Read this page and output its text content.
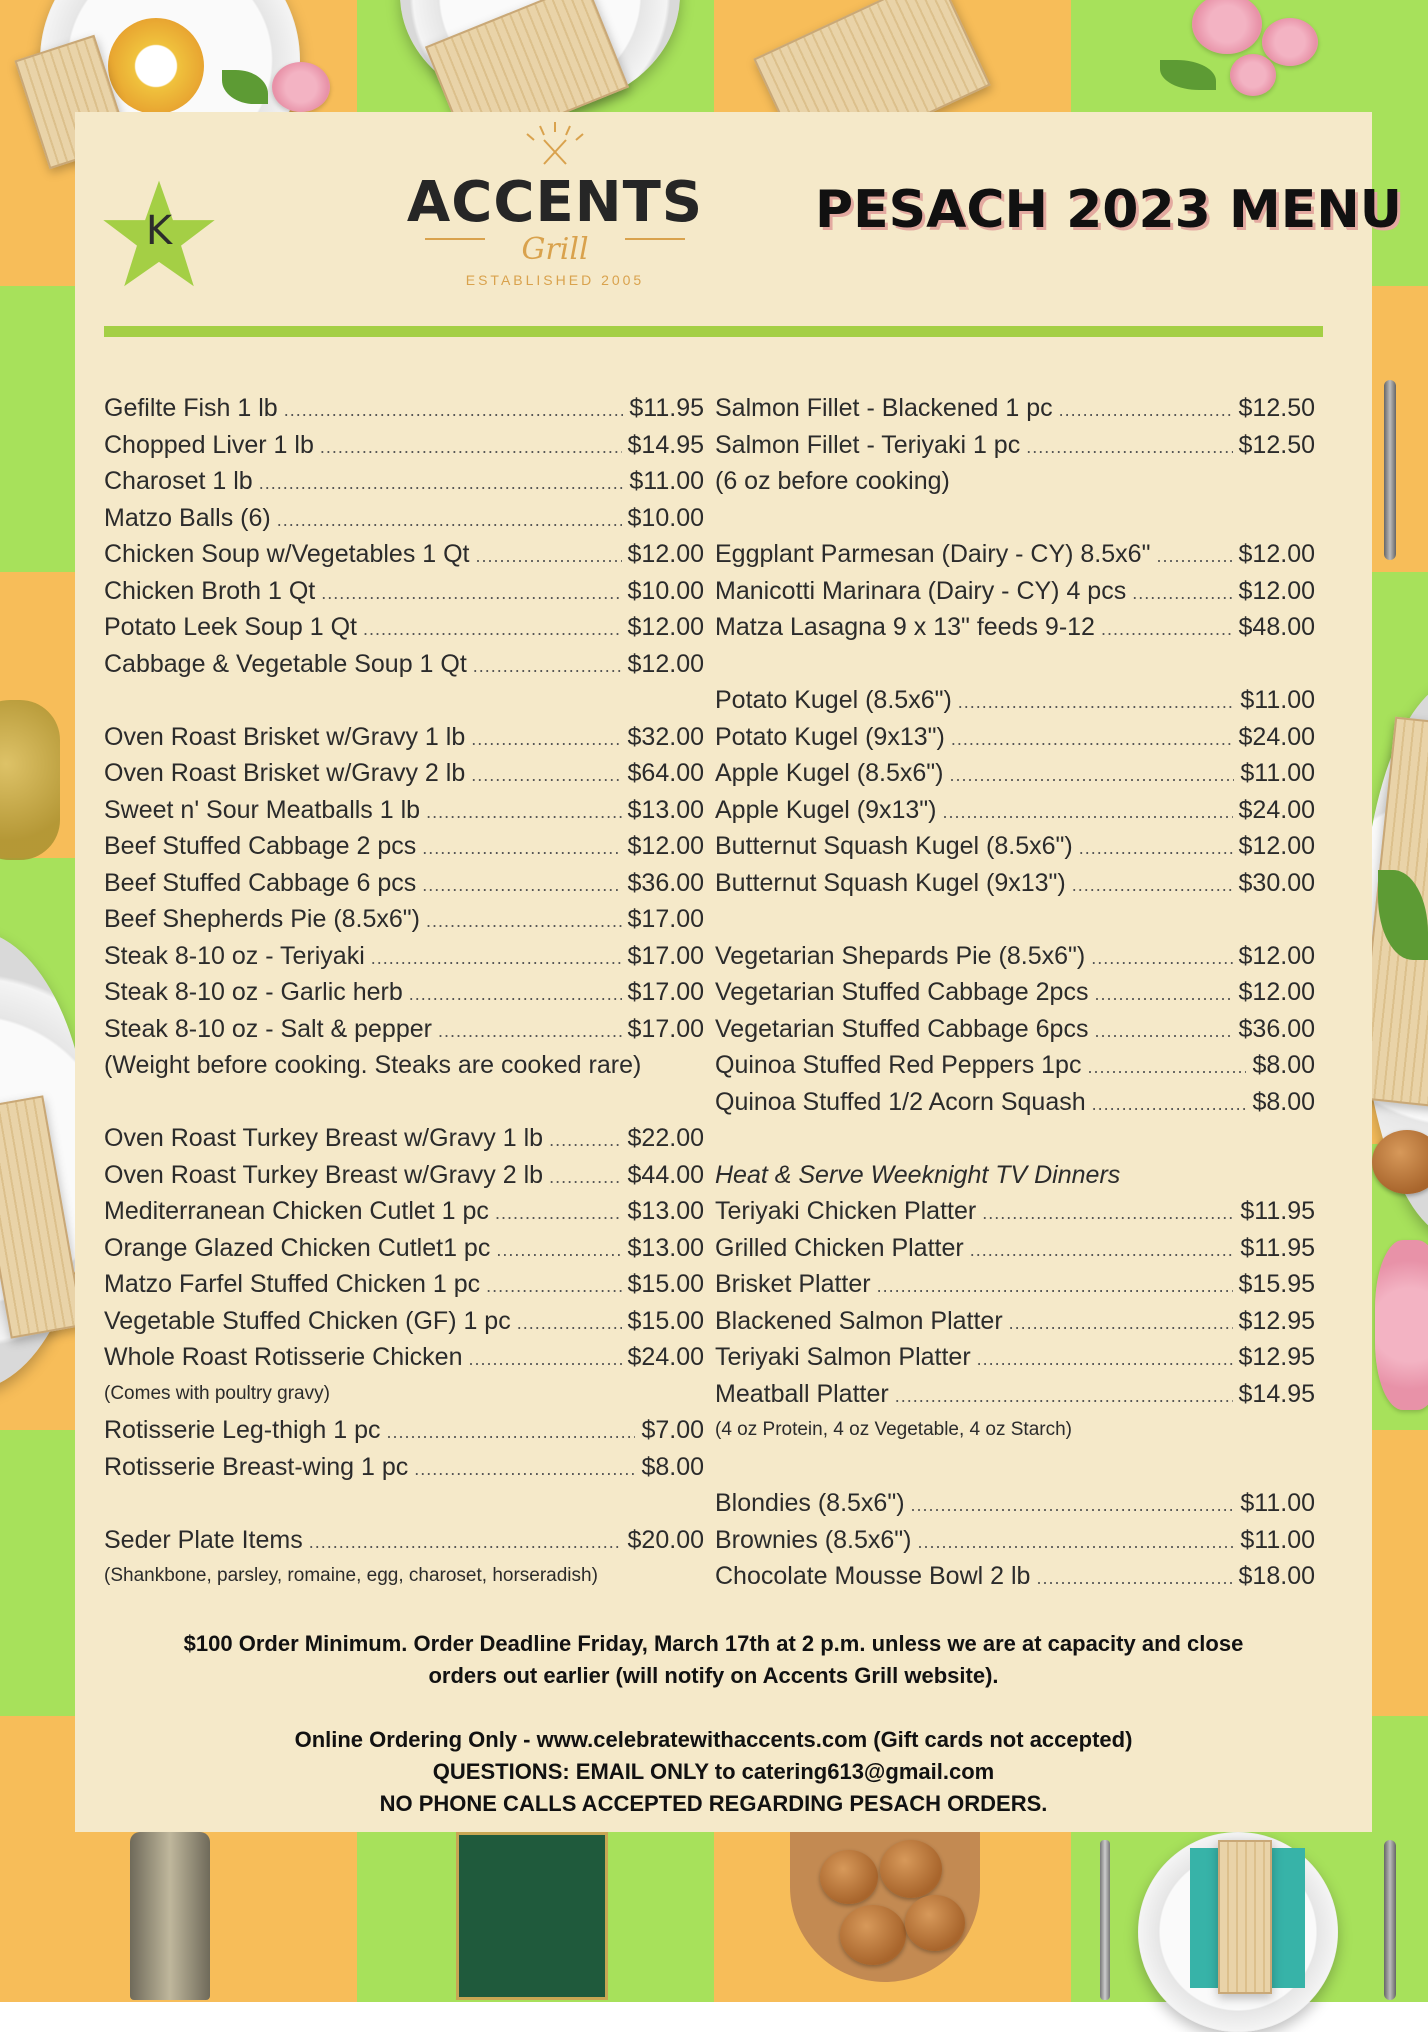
K	ACCENTS
Grill
ESTABLISHED 2005
PESACH 2023 MENU
Gefilte Fish 1 lb .....	$11.95
Chopped Liver 1 lb .....	$14.95
Charoset 1 lb .....	$11.00
Matzo Balls (6) .....	$10.00
Chicken Soup w/Vegetables 1 Qt .....	$12.00
Chicken Broth 1 Qt .....	$10.00
Potato Leek Soup 1 Qt .....	$12.00
Cabbage & Vegetable Soup 1 Qt .....	$12.00
Oven Roast Brisket w/Gravy 1 lb .....	$32.00
Oven Roast Brisket w/Gravy 2 lb .....	$64.00
Sweet n' Sour Meatballs 1 lb .....	$13.00
Beef Stuffed Cabbage 2 pcs .....	$12.00
Beef Stuffed Cabbage 6 pcs .....	$36.00
Beef Shepherds Pie (8.5x6") .....	$17.00
Steak 8-10 oz - Teriyaki .....	$17.00
Steak 8-10 oz - Garlic herb .....	$17.00
Steak 8-10 oz - Salt & pepper .....	$17.00
(Weight before cooking. Steaks are cooked rare)
Oven Roast Turkey Breast w/Gravy 1 lb .....	$22.00
Oven Roast Turkey Breast w/Gravy 2 lb .....	$44.00
Mediterranean Chicken Cutlet 1 pc .....	$13.00
Orange Glazed Chicken Cutlet1 pc .....	$13.00
Matzo Farfel Stuffed Chicken 1 pc .....	$15.00
Vegetable Stuffed Chicken (GF) 1 pc .....	$15.00
Whole Roast Rotisserie Chicken .....	$24.00
(Comes with poultry gravy)
Rotisserie Leg-thigh 1 pc .....	$7.00
Rotisserie Breast-wing 1 pc .....	$8.00
Seder Plate Items .....	$20.00
(Shankbone, parsley, romaine, egg, charoset, horseradish)
Salmon Fillet - Blackened 1 pc .....	$12.50
Salmon Fillet - Teriyaki 1 pc .....	$12.50
(6 oz before cooking)
Eggplant Parmesan (Dairy - CY) 8.5x6" .....	$12.00
Manicotti Marinara (Dairy - CY) 4 pcs .....	$12.00
Matza Lasagna 9 x 13" feeds 9-12 .....	$48.00
Potato Kugel (8.5x6") .....	$11.00
Potato Kugel (9x13") .....	$24.00
Apple Kugel (8.5x6") .....	$11.00
Apple Kugel (9x13") .....	$24.00
Butternut Squash Kugel (8.5x6") .....	$12.00
Butternut Squash Kugel (9x13") .....	$30.00
Vegetarian Shepards Pie (8.5x6") .....	$12.00
Vegetarian Stuffed Cabbage 2pcs .....	$12.00
Vegetarian Stuffed Cabbage 6pcs .....	$36.00
Quinoa Stuffed Red Peppers 1pc .....	$8.00
Quinoa Stuffed 1/2 Acorn Squash .....	$8.00
Heat & Serve Weeknight TV Dinners
Teriyaki Chicken Platter .....	$11.95
Grilled Chicken Platter .....	$11.95
Brisket Platter .....	$15.95
Blackened Salmon Platter .....	$12.95
Teriyaki Salmon Platter .....	$12.95
Meatball Platter .....	$14.95
(4 oz Protein, 4 oz Vegetable, 4 oz Starch)
Blondies (8.5x6") .....	$11.00
Brownies (8.5x6") .....	$11.00
Chocolate Mousse Bowl 2 lb .....	$18.00
$100 Order Minimum. Order Deadline Friday, March 17th at 2 p.m. unless we are at capacity and close
orders out earlier (will notify on Accents Grill website).
Online Ordering Only - www.celebratewithaccents.com (Gift cards not accepted)
QUESTIONS: EMAIL ONLY to catering613@gmail.com
NO PHONE CALLS ACCEPTED REGARDING PESACH ORDERS.
